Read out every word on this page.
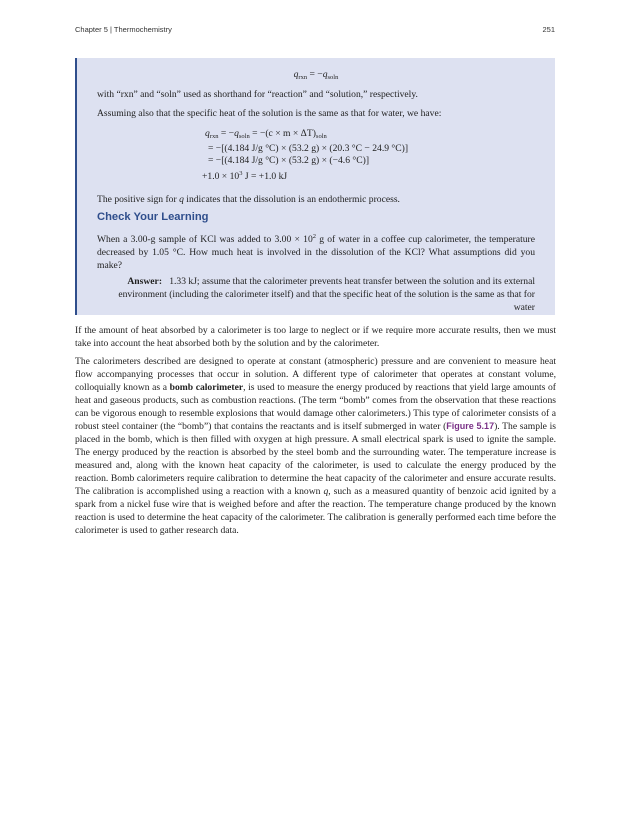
Chapter 5 | Thermochemistry	251
$q_{rxn} = -q_{soln}$

with “rxn” and “soln” used as shorthand for “reaction” and “solution,” respectively.

Assuming also that the specific heat of the solution is the same as that for water, we have:

$q_{rxn} = -q_{soln} = -(c \times m \times \Delta T)_{soln}$
= −[(4.184 J/g °C) × (53.2 g) × (20.3 °C − 24.9 °C)]
= −[(4.184 J/g °C) × (53.2 g) × (−4.6 °C)]
$+1.0 \times 10^3$ J = +1.0 kJ

The positive sign for q indicates that the dissolution is an endothermic process.

Check Your Learning

When a 3.00-g sample of KCl was added to $3.00 \times 10^2$ g of water in a coffee cup calorimeter, the temperature decreased by 1.05 °C. How much heat is involved in the dissolution of the KCl? What assumptions did you make?

Answer: 1.33 kJ; assume that the calorimeter prevents heat transfer between the solution and its external environment (including the calorimeter itself) and that the specific heat of the solution is the same as that for water

If the amount of heat absorbed by a calorimeter is too large to neglect or if we require more accurate results, then we must take into account the heat absorbed both by the solution and by the calorimeter.

The calorimeters described are designed to operate at constant (atmospheric) pressure and are convenient to measure heat flow accompanying processes that occur in solution. A different type of calorimeter that operates at constant volume, colloquially known as a bomb calorimeter, is used to measure the energy produced by reactions that yield large amounts of heat and gaseous products, such as combustion reactions. (The term “bomb” comes from the observation that these reactions can be vigorous enough to resemble explosions that would damage other calorimeters.) This type of calorimeter consists of a robust steel container (the “bomb”) that contains the reactants and is itself submerged in water (Figure 5.17). The sample is placed in the bomb, which is then filled with oxygen at high pressure. A small electrical spark is used to ignite the sample. The energy produced by the reaction is absorbed by the steel bomb and the surrounding water. The temperature increase is measured and, along with the known heat capacity of the calorimeter, is used to calculate the energy produced by the reaction. Bomb calorimeters require calibration to determine the heat capacity of the calorimeter and ensure accurate results. The calibration is accomplished using a reaction with a known q, such as a measured quantity of benzoic acid ignited by a spark from a nickel fuse wire that is weighed before and after the reaction. The temperature change produced by the known reaction is used to determine the heat capacity of the calorimeter. The calibration is generally performed each time before the calorimeter is used to gather research data.
